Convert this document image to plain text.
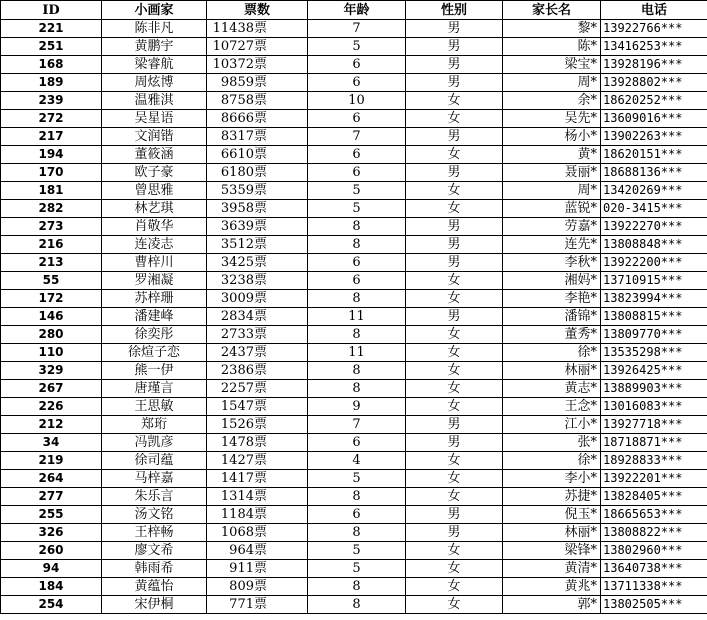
ID	小画家	票数	年龄	性别	家长名	电话
221	陈非凡	11438票	7	男	黎*	13922766***
251	黄鹏宇	10727票	5	男	陈*	13416253***
168	梁睿航	10372票	6	男	梁宝*	13928196***
189	周炫博	9859票	6	男	周*	13928802***
239	温雅淇	8758票	10	女	余*	18620252***
272	吴星语	8666票	6	女	吴先*	13609016***
217	文润锴	8317票	7	男	杨小*	13902263***
194	董筱涵	6610票	6	女	黄*	18620151***
170	欧子豪	6180票	6	男	聂丽*	18688136***
181	曾思雅	5359票	5	女	周*	13420269***
282	林艺琪	3958票	5	女	蓝锐*	020-3415***
273	肖敬华	3639票	8	男	劳嘉*	13922270***
216	连凌志	3512票	8	男	连先*	13808848***
213	曹梓川	3425票	6	男	李秋*	13922200***
55	罗湘凝	3238票	6	女	湘妈*	13710915***
172	苏梓珊	3009票	8	女	李艳*	13823994***
146	潘建峰	2834票	11	男	潘锦*	13808815***
280	徐奕彤	2733票	8	女	董秀*	13809770***
110	徐煊子恋	2437票	11	女	徐*	13535298***
329	熊一伊	2386票	8	女	林丽*	13926425***
267	唐瑾言	2257票	8	女	黄志*	13889903***
226	王思敏	1547票	9	女	王念*	13016083***
212	郑珩	1526票	7	男	江小*	13927718***
34	冯凯彦	1478票	6	男	张*	18718871***
219	徐司蕴	1427票	4	女	徐*	18928833***
264	马梓嘉	1417票	5	女	李小*	13922201***
277	朱乐言	1314票	8	女	苏捷*	13828405***
255	汤文铭	1184票	6	男	倪玉*	18665653***
326	王梓畅	1068票	8	男	林丽*	13808822***
260	廖文希	964票	5	女	梁锋*	13802960***
94	韩雨希	911票	5	女	黄清*	13640738***
184	黄蕴怡	809票	8	女	黄兆*	13711338***
254	宋伊桐	771票	8	女	郭*	13802505***
